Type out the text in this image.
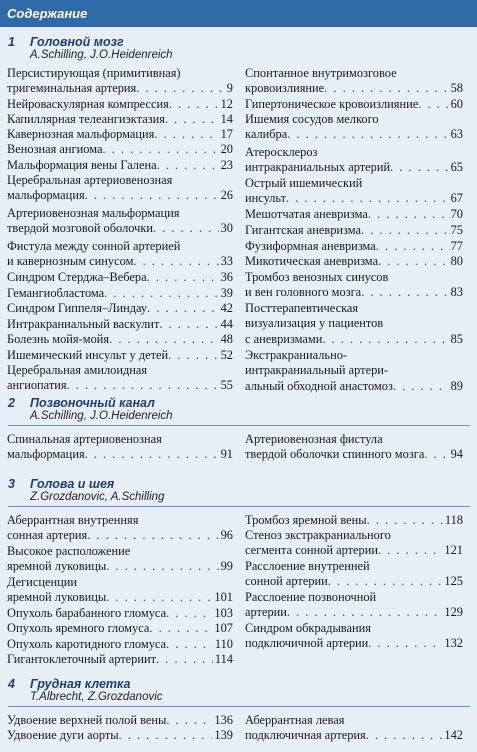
Содержание
1 Головной мозг
A.Schilling, J.O.Heidenreich
Персистирующая (примитивная)
тригеминальная артерия . . .	9
Нейроваскулярная компрессия . . .	12
Капиллярная телеангиэктазия . . .	14
Кавернозная мальформация . . .	17
Венозная ангиома . . .	20
Мальформация вены Галена . . .	23
Церебральная артериовенозная
мальформация . . .	26
Артериовенозная мальформация
твердой мозговой оболочки . . .	30
Фистула между сонной артерией
и кавернозным синусом . . .	33
Синдром Стерджа–Вебера . . .	36
Гемангиобластома . . .	39
Синдром Гиппеля–Линдау . . .	42
Интракраниальный васкулит . . .	44
Болезнь мойя-мойя . . .	48
Ишемический инсульт у детей . . .	52
Церебральная амилоидная
ангиопатия . . .	55
Спонтанное внутримозговое
кровоизлияние . . .	58
Гипертоническое кровоизлияние . . .	60
Ишемия сосудов мелкого
калибра . . .	63
Атеросклероз
интракраниальных артерий . . .	65
Острый ишемический
инсульт . . .	67
Мешотчатая аневризма . . .	70
Гигантская аневризма . . .	75
Фузиформная аневризма . . .	77
Микотическая аневризма . . .	80
Тромбоз венозных синусов
и вен головного мозга . . .	83
Посттерапевтическая
визуализация у пациентов
с аневризмами . . .	85
Экстракраниально-
интракраниальный артери-
альный обходной анастомоз . . .	89
2 Позвоночный канал
A.Schilling, J.O.Heidenreich
Спинальная артериовенозная
мальформация . . .	91
Артериовенозная фистула
твердой оболочки спинного мозга . . . 94
3 Голова и шея
Z.Grozdanovic, A.Schilling
Аберрантная внутренняя
сонная артерия . . .	96
Высокое расположение
яремной луковицы . . .	99
Дегисценции
яремной луковицы . . .	101
Опухоль барабанного гломуса . . .	103
Опухоль яремного гломуса . . .	107
Опухоль каротидного гломуса . . .	110
Гигантоклеточный артериит . . .	114
Тромбоз яремной вены . . .	118
Стеноз экстракраниального
сегмента сонной артерии . . .	121
Расслоение внутренней
сонной артерии . . .	125
Расслоение позвоночной
артерии . . .	129
Синдром обкрадывания
подключичной артерии . . .	132
4 Грудная клетка
T.Albrecht, Z.Grozdanovic
Удвоение верхней полой вены . . .	136
Удвоение дуги аорты . . .	139
Аберрантная левая
подключичная артерия . . .	142
